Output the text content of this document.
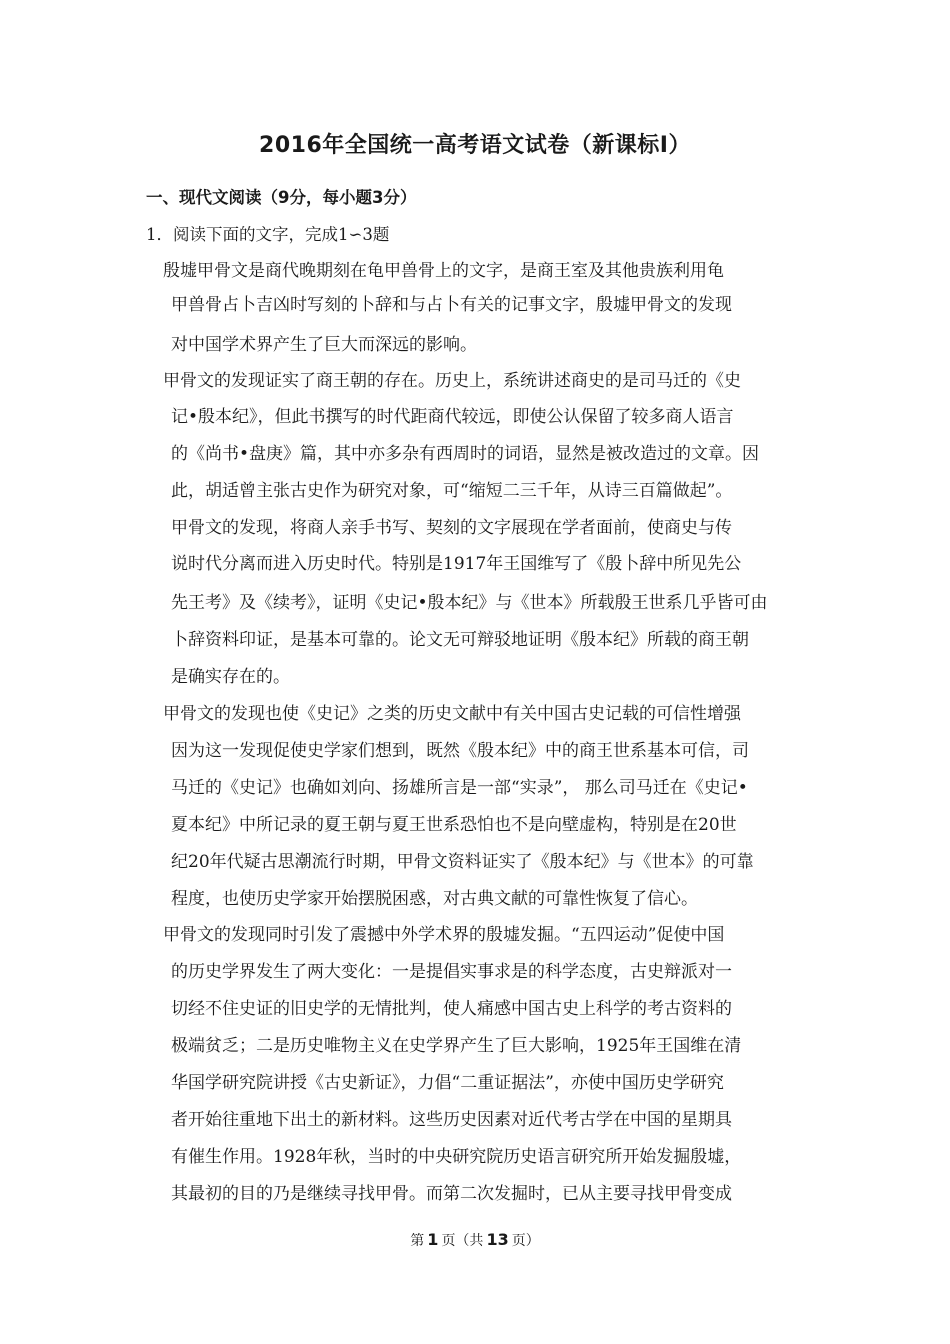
2016年全国统一高考语文试卷（新课标Ⅰ）
一、现代文阅读（9分，每小题3分）
1．阅读下面的文字，完成1∽3题
殷墟甲骨文是商代晚期刻在龟甲兽骨上的文字，是商王室及其他贵族利用龟
甲兽骨占卜吉凶时写刻的卜辞和与占卜有关的记事文字，殷墟甲骨文的发现
对中国学术界产生了巨大而深远的影响。
甲骨文的发现证实了商王朝的存在。历史上，系统讲述商史的是司马迁的《史
记•殷本纪》，但此书撰写的时代距商代较远，即使公认保留了较多商人语言
的《尚书•盘庚》篇，其中亦多杂有西周时的词语，显然是被改造过的文章。因
此，胡适曾主张古史作为研究对象，可“缩短二三千年，从诗三百篇做起”。
甲骨文的发现，将商人亲手书写、契刻的文字展现在学者面前，使商史与传
说时代分离而进入历史时代。特别是1917年王国维写了《殷卜辞中所见先公
先王考》及《续考》，证明《史记•殷本纪》与《世本》所载殷王世系几乎皆可由
卜辞资料印证，是基本可靠的。论文无可辩驳地证明《殷本纪》所载的商王朝
是确实存在的。
甲骨文的发现也使《史记》之类的历史文献中有关中国古史记载的可信性增强
因为这一发现促使史学家们想到，既然《殷本纪》中的商王世系基本可信，司
马迁的《史记》也确如刘向、扬雄所言是一部“实录”， 那么司马迁在《史记•
夏本纪》中所记录的夏王朝与夏王世系恐怕也不是向壁虚构，特别是在20世
纪20年代疑古思潮流行时期，甲骨文资料证实了《殷本纪》与《世本》的可靠
程度，也使历史学家开始摆脱困惑，对古典文献的可靠性恢复了信心。
甲骨文的发现同时引发了震撼中外学术界的殷墟发掘。“五四运动”促使中国
的历史学界发生了两大变化：一是提倡实事求是的科学态度，古史辩派对一
切经不住史证的旧史学的无情批判，使人痛感中国古史上科学的考古资料的
极端贫乏；二是历史唯物主义在史学界产生了巨大影响，1925年王国维在清
华国学研究院讲授《古史新证》，力倡“二重证据法”，亦使中国历史学研究
者开始往重地下出土的新材料。这些历史因素对近代考古学在中国的星期具
有催生作用。1928年秋，当时的中央研究院历史语言研究所开始发掘殷墟，
其最初的目的乃是继续寻找甲骨。而第二次发掘时，已从主要寻找甲骨变成
第 1 页（共 13 页）
